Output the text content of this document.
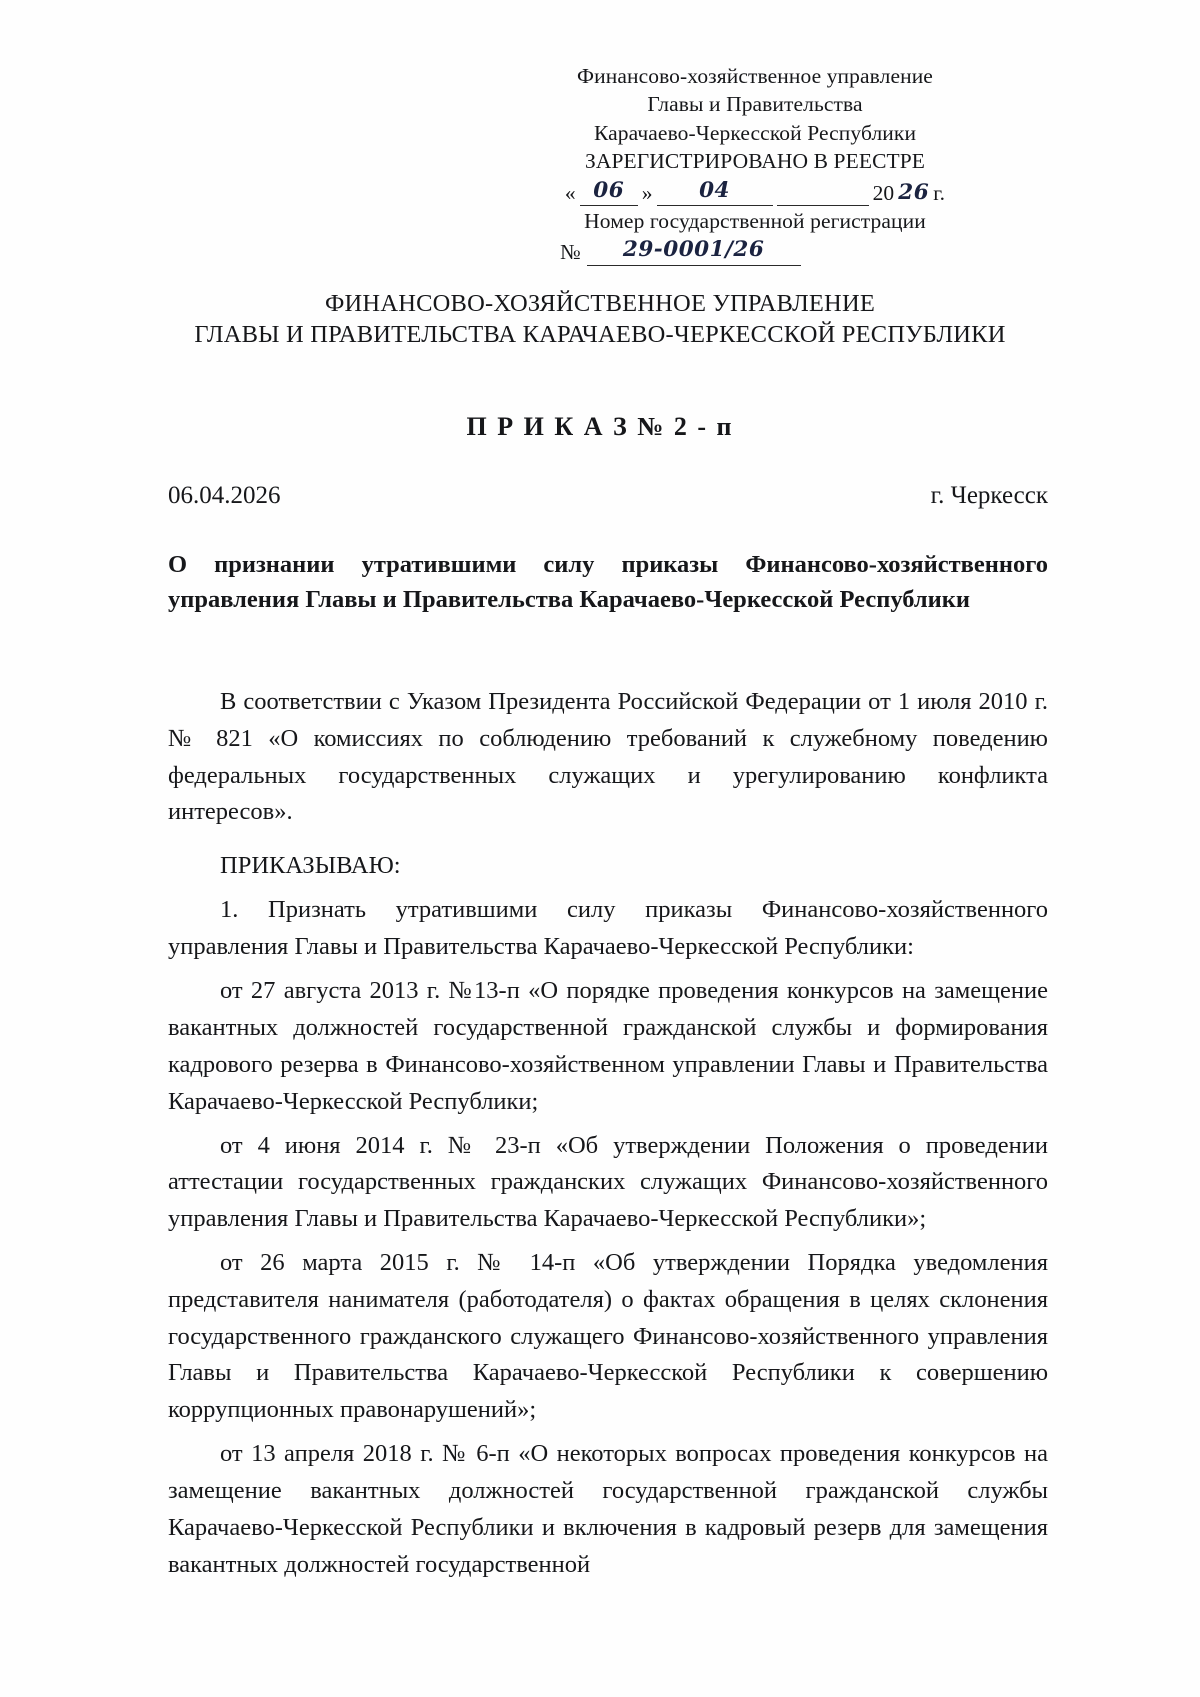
Финансово-хозяйственное управление
Главы и Правительства
Карачаево-Черкесской Республики
ЗАРЕГИСТРИРОВАНО В РЕЕСТРЕ
« 06 »	04
	20 26 г.
Номер государственной регистрации
№	29-0001/26
ФИНАНСОВО-ХОЗЯЙСТВЕННОЕ УПРАВЛЕНИЕ
ГЛАВЫ И ПРАВИТЕЛЬСТВА КАРАЧАЕВО-ЧЕРКЕССКОЙ РЕСПУБЛИКИ
П Р И К А З № 2 - п
06.04.2026	г. Черкесск
О признании утратившими силу приказы Финансово-хозяйственного управления Главы и Правительства Карачаево-Черкесской Республики

В соответствии с Указом Президента Российской Федерации от 1 июля 2010 г. № 821 «О комиссиях по соблюдению требований к служебному поведению федеральных государственных служащих и урегулированию конфликта интересов».

ПРИКАЗЫВАЮ:

1. Признать утратившими силу приказы Финансово-хозяйственного управления Главы и Правительства Карачаево-Черкесской Республики:

от 27 августа 2013 г. №13-п «О порядке проведения конкурсов на замещение вакантных должностей государственной гражданской службы и формирования кадрового резерва в Финансово-хозяйственном управлении Главы и Правительства Карачаево-Черкесской Республики;

от 4 июня 2014 г. № 23-п «Об утверждении Положения о проведении аттестации государственных гражданских служащих Финансово-хозяйственного управления Главы и Правительства Карачаево-Черкесской Республики»;

от 26 марта 2015 г. № 14-п «Об утверждении Порядка уведомления представителя нанимателя (работодателя) о фактах обращения в целях склонения государственного гражданского служащего Финансово-хозяйственного управления Главы и Правительства Карачаево-Черкесской Республики к совершению коррупционных правонарушений»;

от 13 апреля 2018 г. № 6-п «О некоторых вопросах проведения конкурсов на замещение вакантных должностей государственной гражданской службы Карачаево-Черкесской Республики и включения в кадровый резерв для замещения вакантных должностей государственной
